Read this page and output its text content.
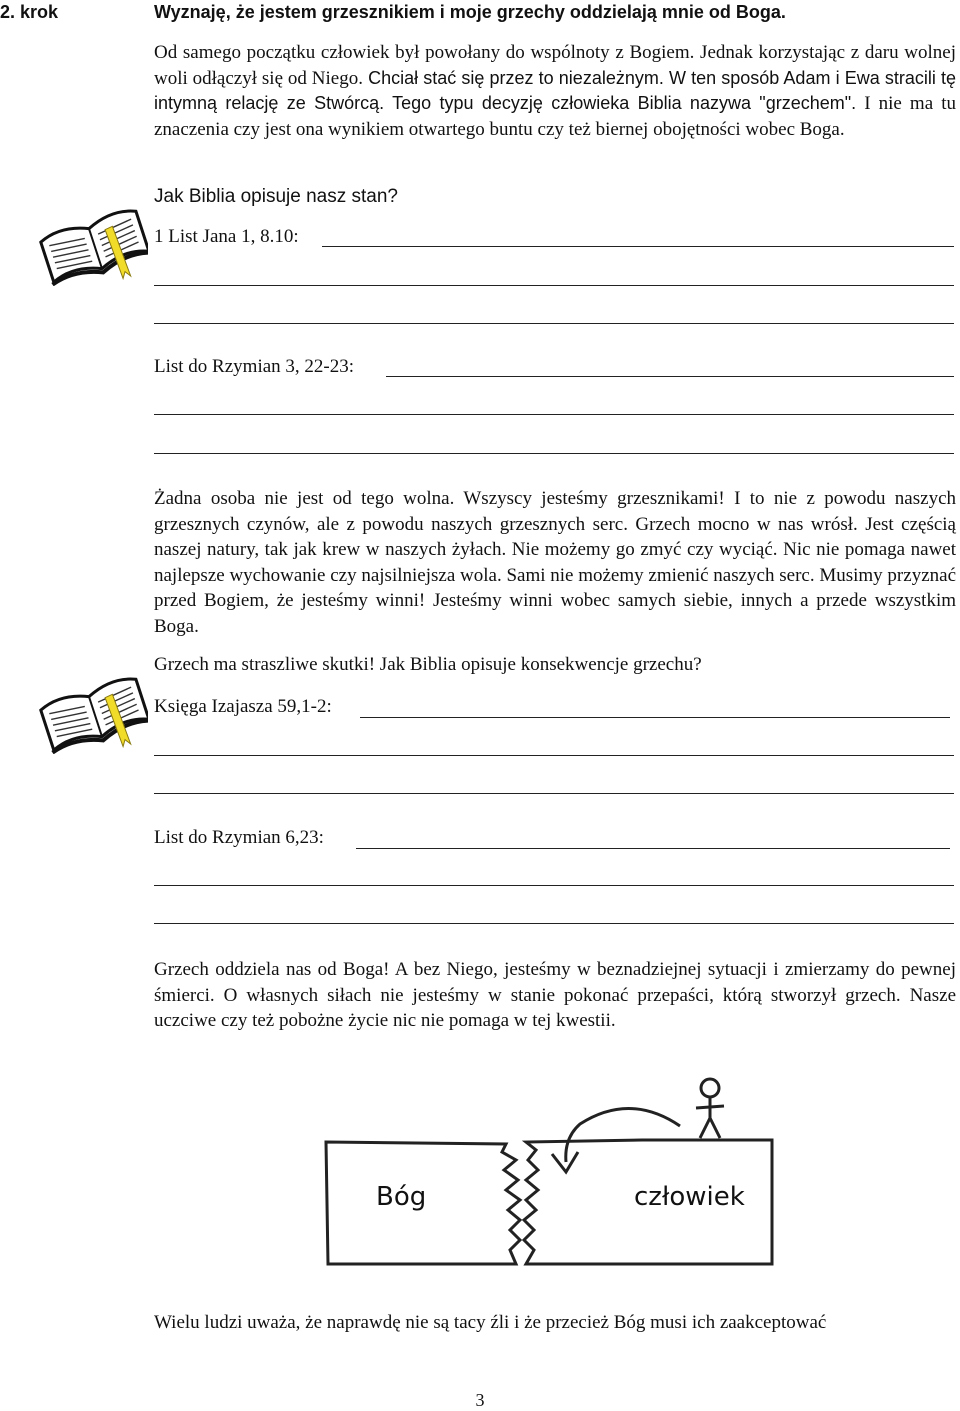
2. krok	Wyznaję, że jestem grzesznikiem i moje grzechy oddzielają mnie od Boga.
Od samego początku człowiek był powołany do wspólnoty z Bogiem. Jednak korzystając z daru wolnej woli odłączył się od Niego. Chciał stać się przez to niezależnym. W ten sposób Adam i Ewa stracili tę intymną relację ze Stwórcą. Tego typu decyzję człowieka Biblia nazywa "grzechem". I nie ma tu znaczenia czy jest ona wynikiem otwartego buntu czy też biernej obojętności wobec Boga.
Jak Biblia opisuje nasz stan?
1 List Jana 1, 8.10:
List do Rzymian 3, 22-23:
Żadna osoba nie jest od tego wolna. Wszyscy jesteśmy grzesznikami! I to nie z powodu naszych grzesznych czynów, ale z powodu naszych grzesznych serc. Grzech mocno w nas wrósł. Jest częścią naszej natury, tak jak krew w naszych żyłach. Nie możemy go zmyć czy wyciąć. Nic nie pomaga nawet najlepsze wychowanie czy najsilniejsza wola. Sami nie możemy zmienić naszych serc. Musimy przyznać przed Bogiem, że jesteśmy winni! Jesteśmy winni wobec samych siebie, innych a przede wszystkim Boga.
Grzech ma straszliwe skutki! Jak Biblia opisuje konsekwencje grzechu?
Księga Izajasza 59,1-2:
List do Rzymian 6,23:
Grzech oddziela nas od Boga! A bez Niego, jesteśmy w beznadziejnej sytuacji i zmierzamy do pewnej śmierci. O własnych siłach nie jesteśmy w stanie pokonać przepaści, którą stworzył grzech. Nasze uczciwe czy też pobożne życie nic nie pomaga w tej kwestii.
Bóg	człowiek
Wielu ludzi uważa, że naprawdę nie są tacy źli i że przecież Bóg musi ich zaakceptować
3
